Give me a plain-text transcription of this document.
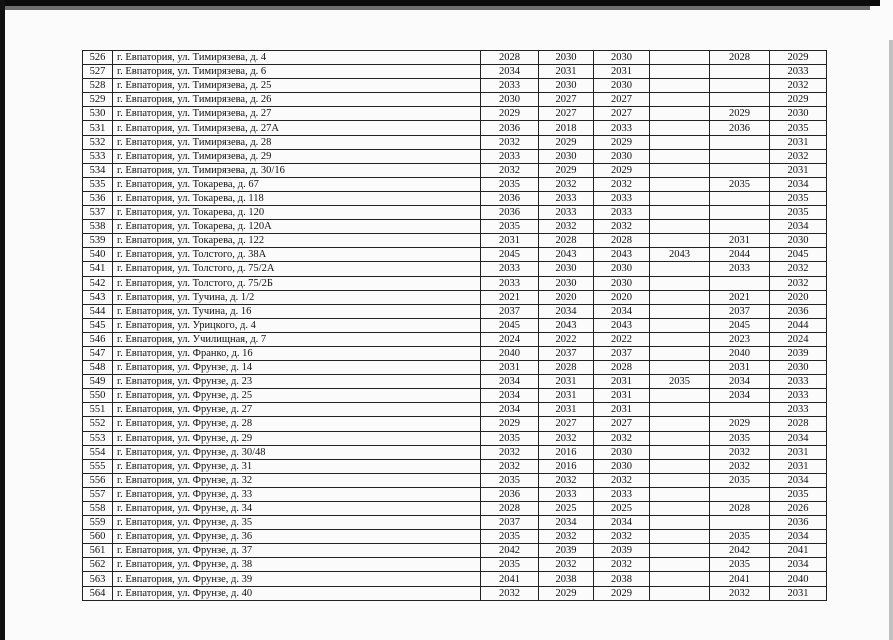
526	г. Евпатория, ул. Тимирязева, д. 4	2028	2030	2030		2028	2029
527	г. Евпатория, ул. Тимирязева, д. 6	2034	2031	2031			2033
528	г. Евпатория, ул. Тимирязева, д. 25	2033	2030	2030			2032
529	г. Евпатория, ул. Тимирязева, д. 26	2030	2027	2027			2029
530	г. Евпатория, ул. Тимирязева, д. 27	2029	2027	2027		2029	2030
531	г. Евпатория, ул. Тимирязева, д. 27А	2036	2018	2033		2036	2035
532	г. Евпатория, ул. Тимирязева, д. 28	2032	2029	2029			2031
533	г. Евпатория, ул. Тимирязева, д. 29	2033	2030	2030			2032
534	г. Евпатория, ул. Тимирязева, д. 30/16	2032	2029	2029			2031
535	г. Евпатория, ул. Токарева, д. 67	2035	2032	2032		2035	2034
536	г. Евпатория, ул. Токарева, д. 118	2036	2033	2033			2035
537	г. Евпатория, ул. Токарева, д. 120	2036	2033	2033			2035
538	г. Евпатория, ул. Токарева, д. 120А	2035	2032	2032			2034
539	г. Евпатория, ул. Токарева, д. 122	2031	2028	2028		2031	2030
540	г. Евпатория, ул. Толстого, д. 38А	2045	2043	2043	2043	2044	2045
541	г. Евпатория, ул. Толстого, д. 75/2А	2033	2030	2030		2033	2032
542	г. Евпатория, ул. Толстого, д. 75/2Б	2033	2030	2030			2032
543	г. Евпатория, ул. Тучина, д. 1/2	2021	2020	2020		2021	2020
544	г. Евпатория, ул. Тучина, д. 16	2037	2034	2034		2037	2036
545	г. Евпатория, ул. Урицкого, д. 4	2045	2043	2043		2045	2044
546	г. Евпатория, ул. Училищная, д. 7	2024	2022	2022		2023	2024
547	г. Евпатория, ул. Франко, д. 16	2040	2037	2037		2040	2039
548	г. Евпатория, ул. Фрунзе, д. 14	2031	2028	2028		2031	2030
549	г. Евпатория, ул. Фрунзе, д. 23	2034	2031	2031	2035	2034	2033
550	г. Евпатория, ул. Фрунзе, д. 25	2034	2031	2031		2034	2033
551	г. Евпатория, ул. Фрунзе, д. 27	2034	2031	2031			2033
552	г. Евпатория, ул. Фрунзе, д. 28	2029	2027	2027		2029	2028
553	г. Евпатория, ул. Фрунзе, д. 29	2035	2032	2032		2035	2034
554	г. Евпатория, ул. Фрунзе, д. 30/48	2032	2016	2030		2032	2031
555	г. Евпатория, ул. Фрунзе, д. 31	2032	2016	2030		2032	2031
556	г. Евпатория, ул. Фрунзе, д. 32	2035	2032	2032		2035	2034
557	г. Евпатория, ул. Фрунзе, д. 33	2036	2033	2033			2035
558	г. Евпатория, ул. Фрунзе, д. 34	2028	2025	2025		2028	2026
559	г. Евпатория, ул. Фрунзе, д. 35	2037	2034	2034			2036
560	г. Евпатория, ул. Фрунзе, д. 36	2035	2032	2032		2035	2034
561	г. Евпатория, ул. Фрунзе, д. 37	2042	2039	2039		2042	2041
562	г. Евпатория, ул. Фрунзе, д. 38	2035	2032	2032		2035	2034
563	г. Евпатория, ул. Фрунзе, д. 39	2041	2038	2038		2041	2040
564	г. Евпатория, ул. Фрунзе, д. 40	2032	2029	2029		2032	2031
